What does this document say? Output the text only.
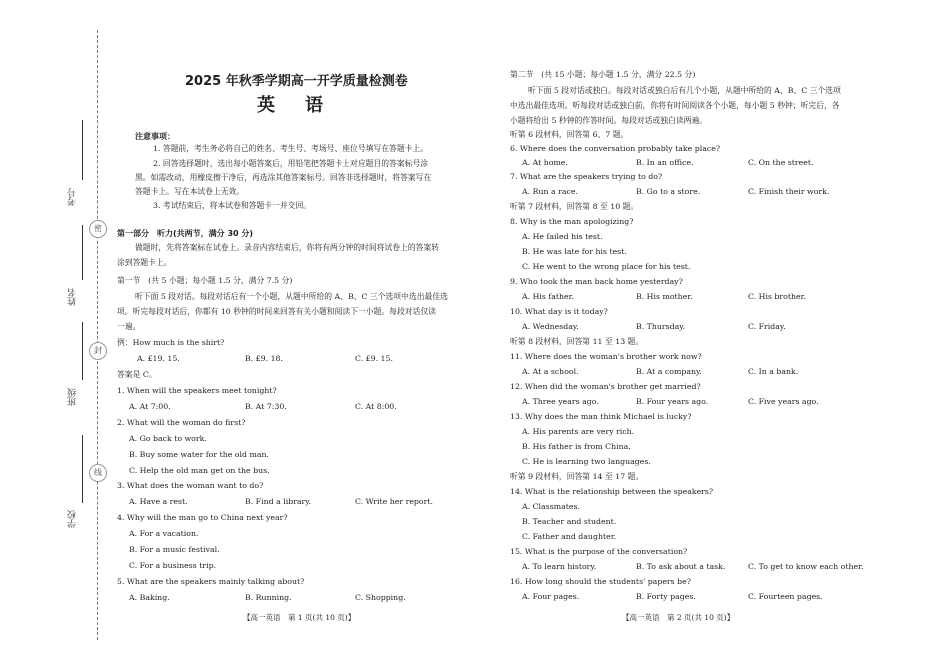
密
封
线
考号
姓名
班级
学校
2025 年秋季学期高一开学质量检测卷
英　语
注意事项：
1. 答题前，考生务必将自己的姓名、考生号、考场号、座位号填写在答题卡上。
2. 回答选择题时，选出每小题答案后，用铅笔把答题卡上对应题目的答案标号涂
黑。如需改动，用橡皮擦干净后，再选涂其他答案标号。回答非选择题时，将答案写在
答题卡上。写在本试卷上无效。
3. 考试结束后，将本试卷和答题卡一并交回。
第一部分　听力(共两节，满分 30 分)
做题时，先将答案标在试卷上。录音内容结束后，你将有两分钟的时间将试卷上的答案转
涂到答题卡上。
第一节　(共 5 小题；每小题 1.5 分，满分 7.5 分)
听下面 5 段对话。每段对话后有一个小题，从题中所给的 A、B、C 三个选项中选出最佳选
项。听完每段对话后，你都有 10 秒钟的时间来回答有关小题和阅读下一小题。每段对话仅读
一遍。
例：How much is the shirt?
A. £19. 15.	B. £9. 18.	C. £9. 15.
答案是 C。
1. When will the speakers meet tonight?
A. At 7:00.	B. At 7:30.	C. At 8:00.
2. What will the woman do first?
A. Go back to work.
B. Buy some water for the old man.
C. Help the old man get on the bus.
3. What does the woman want to do?
A. Have a rest.	B. Find a library.	C. Write her report.
4. Why will the man go to China next year?
A. For a vacation.
B. For a music festival.
C. For a business trip.
5. What are the speakers mainly talking about?
A. Baking.	B. Running.	C. Shopping.
【高一英语　第 1 页(共 10 页)】
第二节　(共 15 小题；每小题 1.5 分，满分 22.5 分)
听下面 5 段对话或独白。每段对话或独白后有几个小题，从题中所给的 A、B、C 三个选项
中选出最佳选项。听每段对话或独白前，你将有时间阅读各个小题，每小题 5 秒钟；听完后，各
小题将给出 5 秒钟的作答时间。每段对话或独白读两遍。
听第 6 段材料，回答第 6、7 题。
6. Where does the conversation probably take place?
A. At home.	B. In an office.	C. On the street.
7. What are the speakers trying to do?
A. Run a race.	B. Go to a store.	C. Finish their work.
听第 7 段材料，回答第 8 至 10 题。
8. Why is the man apologizing?
A. He failed his test.
B. He was late for his test.
C. He went to the wrong place for his test.
9. Who took the man back home yesterday?
A. His father.	B. His mother.	C. His brother.
10. What day is it today?
A. Wednesday.	B. Thursday.	C. Friday.
听第 8 段材料，回答第 11 至 13 题。
11. Where does the woman's brother work now?
A. At a school.	B. At a company.	C. In a bank.
12. When did the woman's brother get married?
A. Three years ago.	B. Four years ago.	C. Five years ago.
13. Why does the man think Michael is lucky?
A. His parents are very rich.
B. His father is from China.
C. He is learning two languages.
听第 9 段材料，回答第 14 至 17 题。
14. What is the relationship between the speakers?
A. Classmates.
B. Teacher and student.
C. Father and daughter.
15. What is the purpose of the conversation?
A. To learn history.	B. To ask about a task.	C. To get to know each other.
16. How long should the students' papers be?
A. Four pages.	B. Forty pages.	C. Fourteen pages.
【高一英语　第 2 页(共 10 页)】
